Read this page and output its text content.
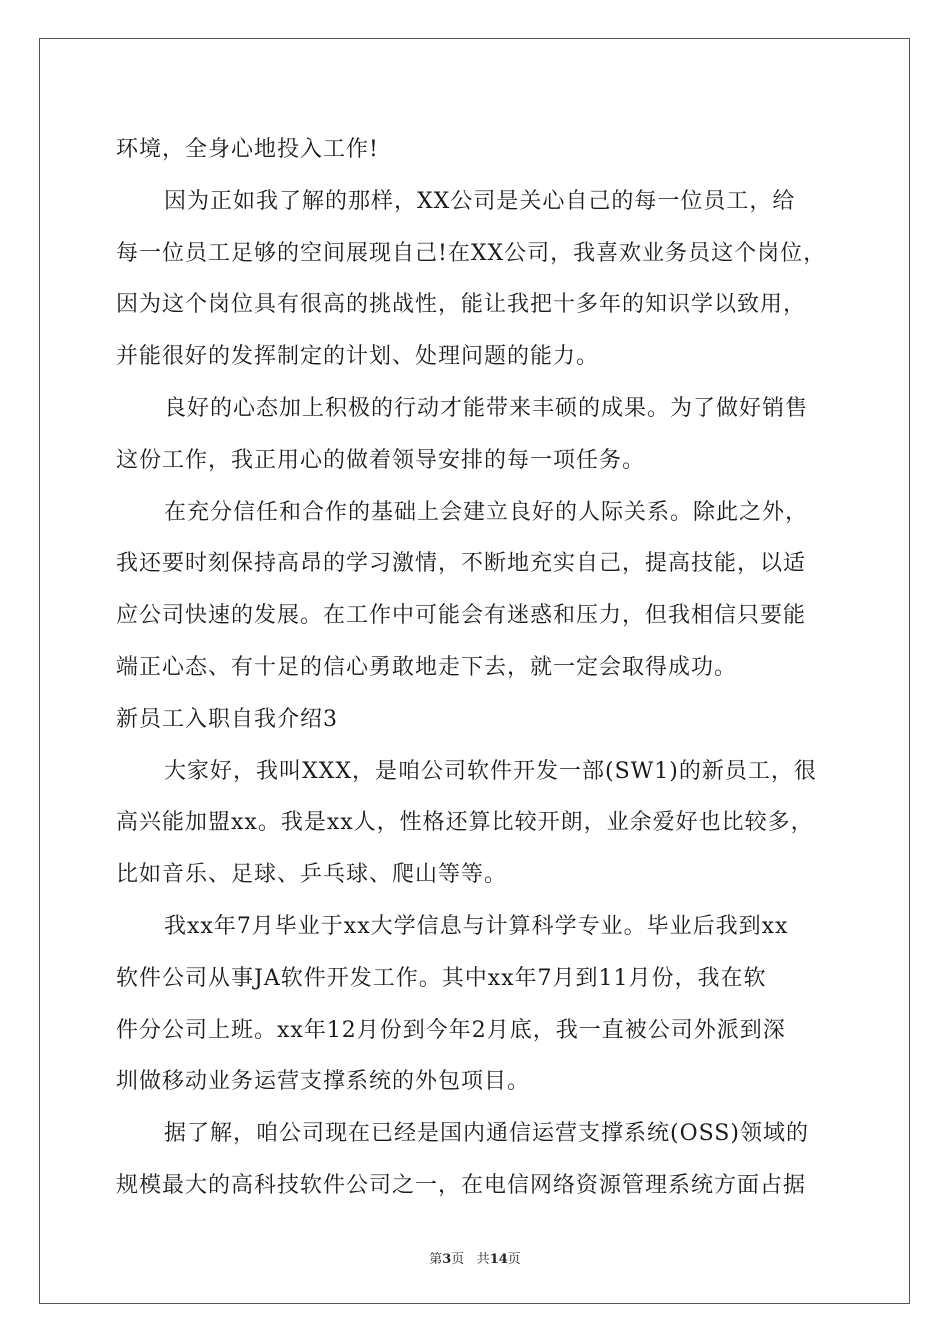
环境，全身心地投入工作!
因为正如我了解的那样，XX公司是关心自己的每一位员工，给
每一位员工足够的空间展现自己!在XX公司，我喜欢业务员这个岗位，
因为这个岗位具有很高的挑战性，能让我把十多年的知识学以致用，
并能很好的发挥制定的计划、处理问题的能力。
良好的心态加上积极的行动才能带来丰硕的成果。为了做好销售
这份工作，我正用心的做着领导安排的每一项任务。
在充分信任和合作的基础上会建立良好的人际关系。除此之外，
我还要时刻保持高昂的学习激情，不断地充实自己，提高技能，以适
应公司快速的发展。在工作中可能会有迷惑和压力，但我相信只要能
端正心态、有十足的信心勇敢地走下去，就一定会取得成功。
新员工入职自我介绍3
大家好，我叫XXX，是咱公司软件开发一部(SW1)的新员工，很
高兴能加盟xx。我是xx人，性格还算比较开朗，业余爱好也比较多，
比如音乐、足球、乒乓球、爬山等等。
我xx年7月毕业于xx大学信息与计算科学专业。毕业后我到xx
软件公司从事JA软件开发工作。其中xx年7月到11月份，我在软
件分公司上班。xx年12月份到今年2月底，我一直被公司外派到深
圳做移动业务运营支撑系统的外包项目。
据了解，咱公司现在已经是国内通信运营支撑系统(OSS)领域的
规模最大的高科技软件公司之一，在电信网络资源管理系统方面占据
第3页 共14页
